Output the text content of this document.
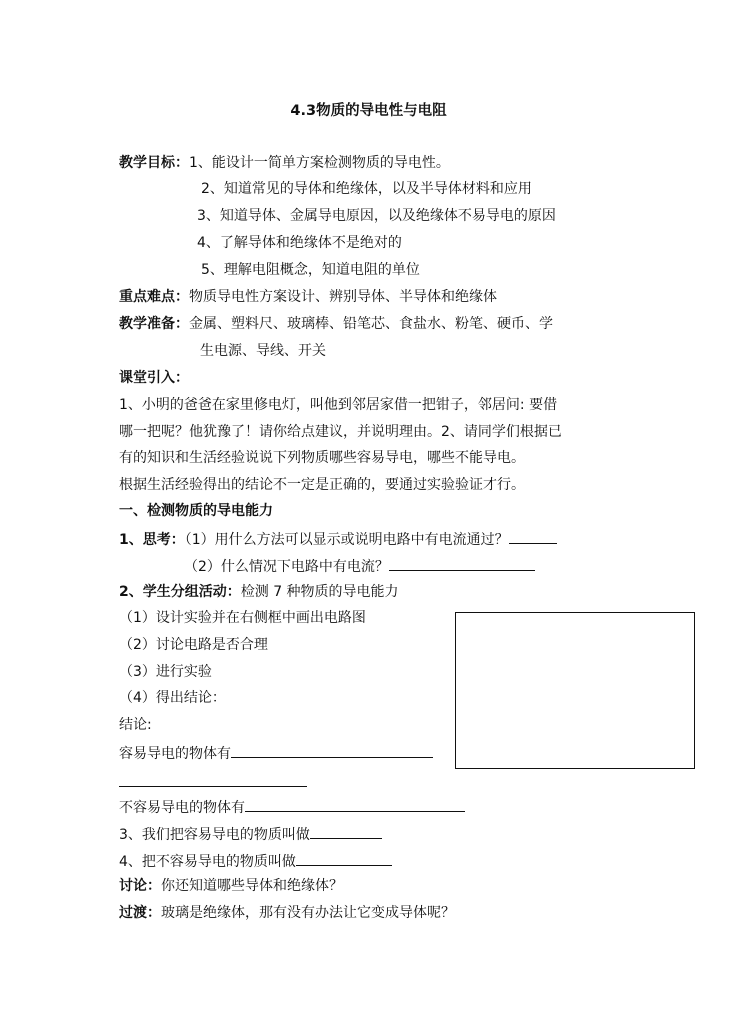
4.3物质的导电性与电阻
教学目标：1、能设计一简单方案检测物质的导电性。
2、知道常见的导体和绝缘体，以及半导体材料和应用
3、知道导体、金属导电原因，以及绝缘体不易导电的原因
4、了解导体和绝缘体不是绝对的
5、理解电阻概念，知道电阻的单位
重点难点：物质导电性方案设计、辨别导体、半导体和绝缘体
教学准备：金属、塑料尺、玻璃棒、铅笔芯、食盐水、粉笔、硬币、学
生电源、导线、开关
课堂引入：
1、小明的爸爸在家里修电灯，叫他到邻居家借一把钳子，邻居问: 要借
哪一把呢？他犹豫了！请你给点建议，并说明理由。2、请同学们根据已
有的知识和生活经验说说下列物质哪些容易导电，哪些不能导电。
根据生活经验得出的结论不一定是正确的，要通过实验验证才行。
一、检测物质的导电能力
1、思考：（1）用什么方法可以显示或说明电路中有电流通过？
（2）什么情况下电路中有电流？
2、学生分组活动：检测 7 种物质的导电能力
（1）设计实验并在右侧框中画出电路图
（2）讨论电路是否合理
（3）进行实验
（4）得出结论：
结论:
容易导电的物体有
不容易导电的物体有
3、我们把容易导电的物质叫做
4、把不容易导电的物质叫做
讨论：你还知道哪些导体和绝缘体？
过渡：玻璃是绝缘体，那有没有办法让它变成导体呢？
